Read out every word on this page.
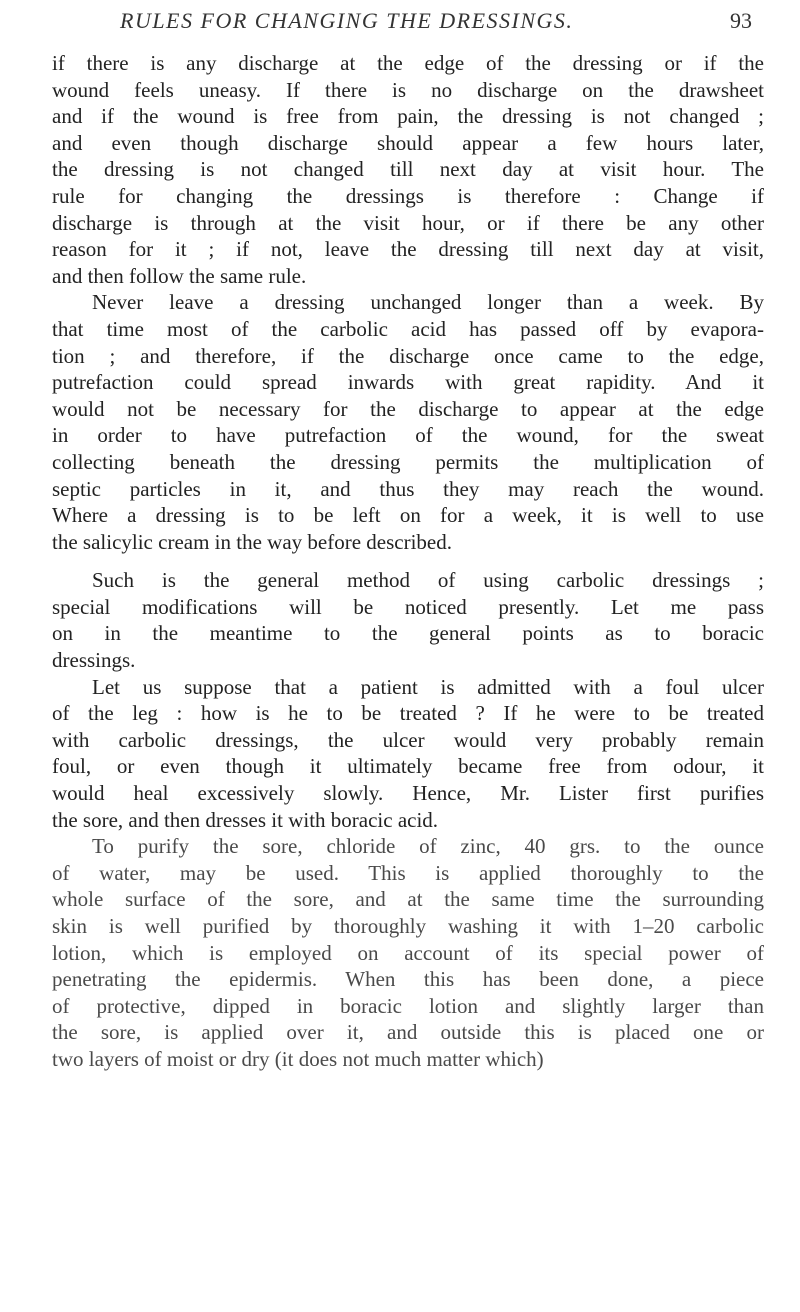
RULES FOR CHANGING THE DRESSINGS.	93
if there is any discharge at the edge of the dressing or if the
wound feels uneasy. If there is no discharge on the drawsheet
and if the wound is free from pain, the dressing is not changed ;
and even though discharge should appear a few hours later,
the dressing is not changed till next day at visit hour. The
rule for changing the dressings is therefore : Change if
discharge is through at the visit hour, or if there be any other
reason for it ; if not, leave the dressing till next day at visit,
and then follow the same rule.
Never leave a dressing unchanged longer than a week. By
that time most of the carbolic acid has passed off by evapora-
tion ; and therefore, if the discharge once came to the edge,
putrefaction could spread inwards with great rapidity. And it
would not be necessary for the discharge to appear at the edge
in order to have putrefaction of the wound, for the sweat
collecting beneath the dressing permits the multiplication of
septic particles in it, and thus they may reach the wound.
Where a dressing is to be left on for a week, it is well to use
the salicylic cream in the way before described.
Such is the general method of using carbolic dressings ;
special modifications will be noticed presently. Let me pass
on in the meantime to the general points as to boracic
dressings.
Let us suppose that a patient is admitted with a foul ulcer
of the leg : how is he to be treated ? If he were to be treated
with carbolic dressings, the ulcer would very probably remain
foul, or even though it ultimately became free from odour, it
would heal excessively slowly. Hence, Mr. Lister first purifies
the sore, and then dresses it with boracic acid.
To purify the sore, chloride of zinc, 40 grs. to the ounce
of water, may be used. This is applied thoroughly to the
whole surface of the sore, and at the same time the surrounding
skin is well purified by thoroughly washing it with 1–20 carbolic
lotion, which is employed on account of its special power of
penetrating the epidermis. When this has been done, a piece
of protective, dipped in boracic lotion and slightly larger than
the sore, is applied over it, and outside this is placed one or
two layers of moist or dry (it does not much matter which)
